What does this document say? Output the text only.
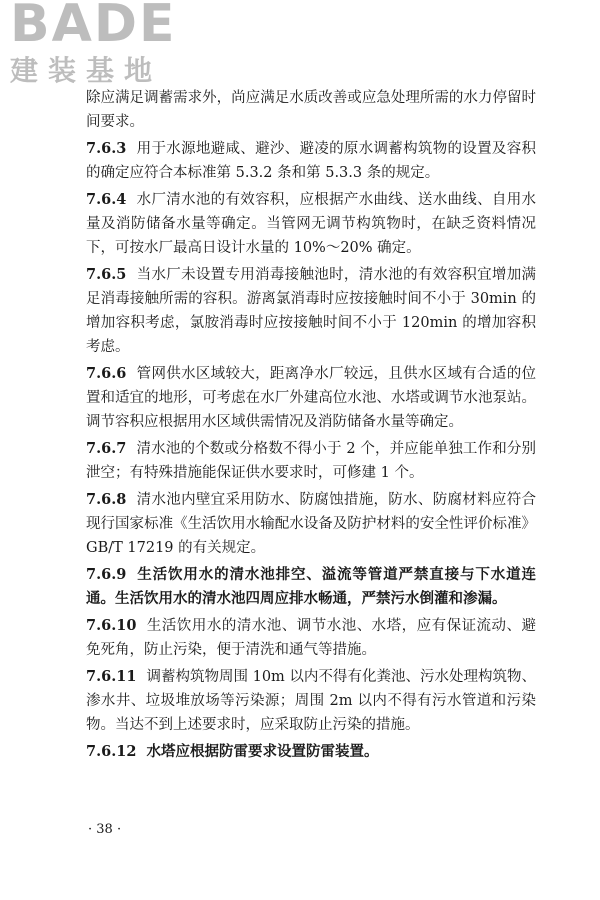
BADE
建装基地

除应满足调蓄需求外，尚应满足水质改善或应急处理所需的水力停留时间要求。

7.6.3 用于水源地避咸、避沙、避凌的原水调蓄构筑物的设置及容积的确定应符合本标准第 5.3.2 条和第 5.3.3 条的规定。

7.6.4 水厂清水池的有效容积，应根据产水曲线、送水曲线、自用水量及消防储备水量等确定。当管网无调节构筑物时，在缺乏资料情况下，可按水厂最高日设计水量的 10%～20% 确定。

7.6.5 当水厂未设置专用消毒接触池时，清水池的有效容积宜增加满足消毒接触所需的容积。游离氯消毒时应按接触时间不小于 30min 的增加容积考虑，氯胺消毒时应按接触时间不小于 120min 的增加容积考虑。

7.6.6 管网供水区域较大，距离净水厂较远，且供水区域有合适的位置和适宜的地形，可考虑在水厂外建高位水池、水塔或调节水池泵站。调节容积应根据用水区域供需情况及消防储备水量等确定。

7.6.7 清水池的个数或分格数不得小于 2 个，并应能单独工作和分别泄空；有特殊措施能保证供水要求时，可修建 1 个。

7.6.8 清水池内壁宜采用防水、防腐蚀措施，防水、防腐材料应符合现行国家标准《生活饮用水输配水设备及防护材料的安全性评价标准》GB/T 17219 的有关规定。

7.6.9 生活饮用水的清水池排空、溢流等管道严禁直接与下水道连通。生活饮用水的清水池四周应排水畅通，严禁污水倒灌和渗漏。

7.6.10 生活饮用水的清水池、调节水池、水塔，应有保证流动、避免死角，防止污染，便于清洗和通气等措施。

7.6.11 调蓄构筑物周围 10m 以内不得有化粪池、污水处理构筑物、渗水井、垃圾堆放场等污染源；周围 2m 以内不得有污水管道和污染物。当达不到上述要求时，应采取防止污染的措施。

7.6.12 水塔应根据防雷要求设置防雷装置。

· 38 ·
